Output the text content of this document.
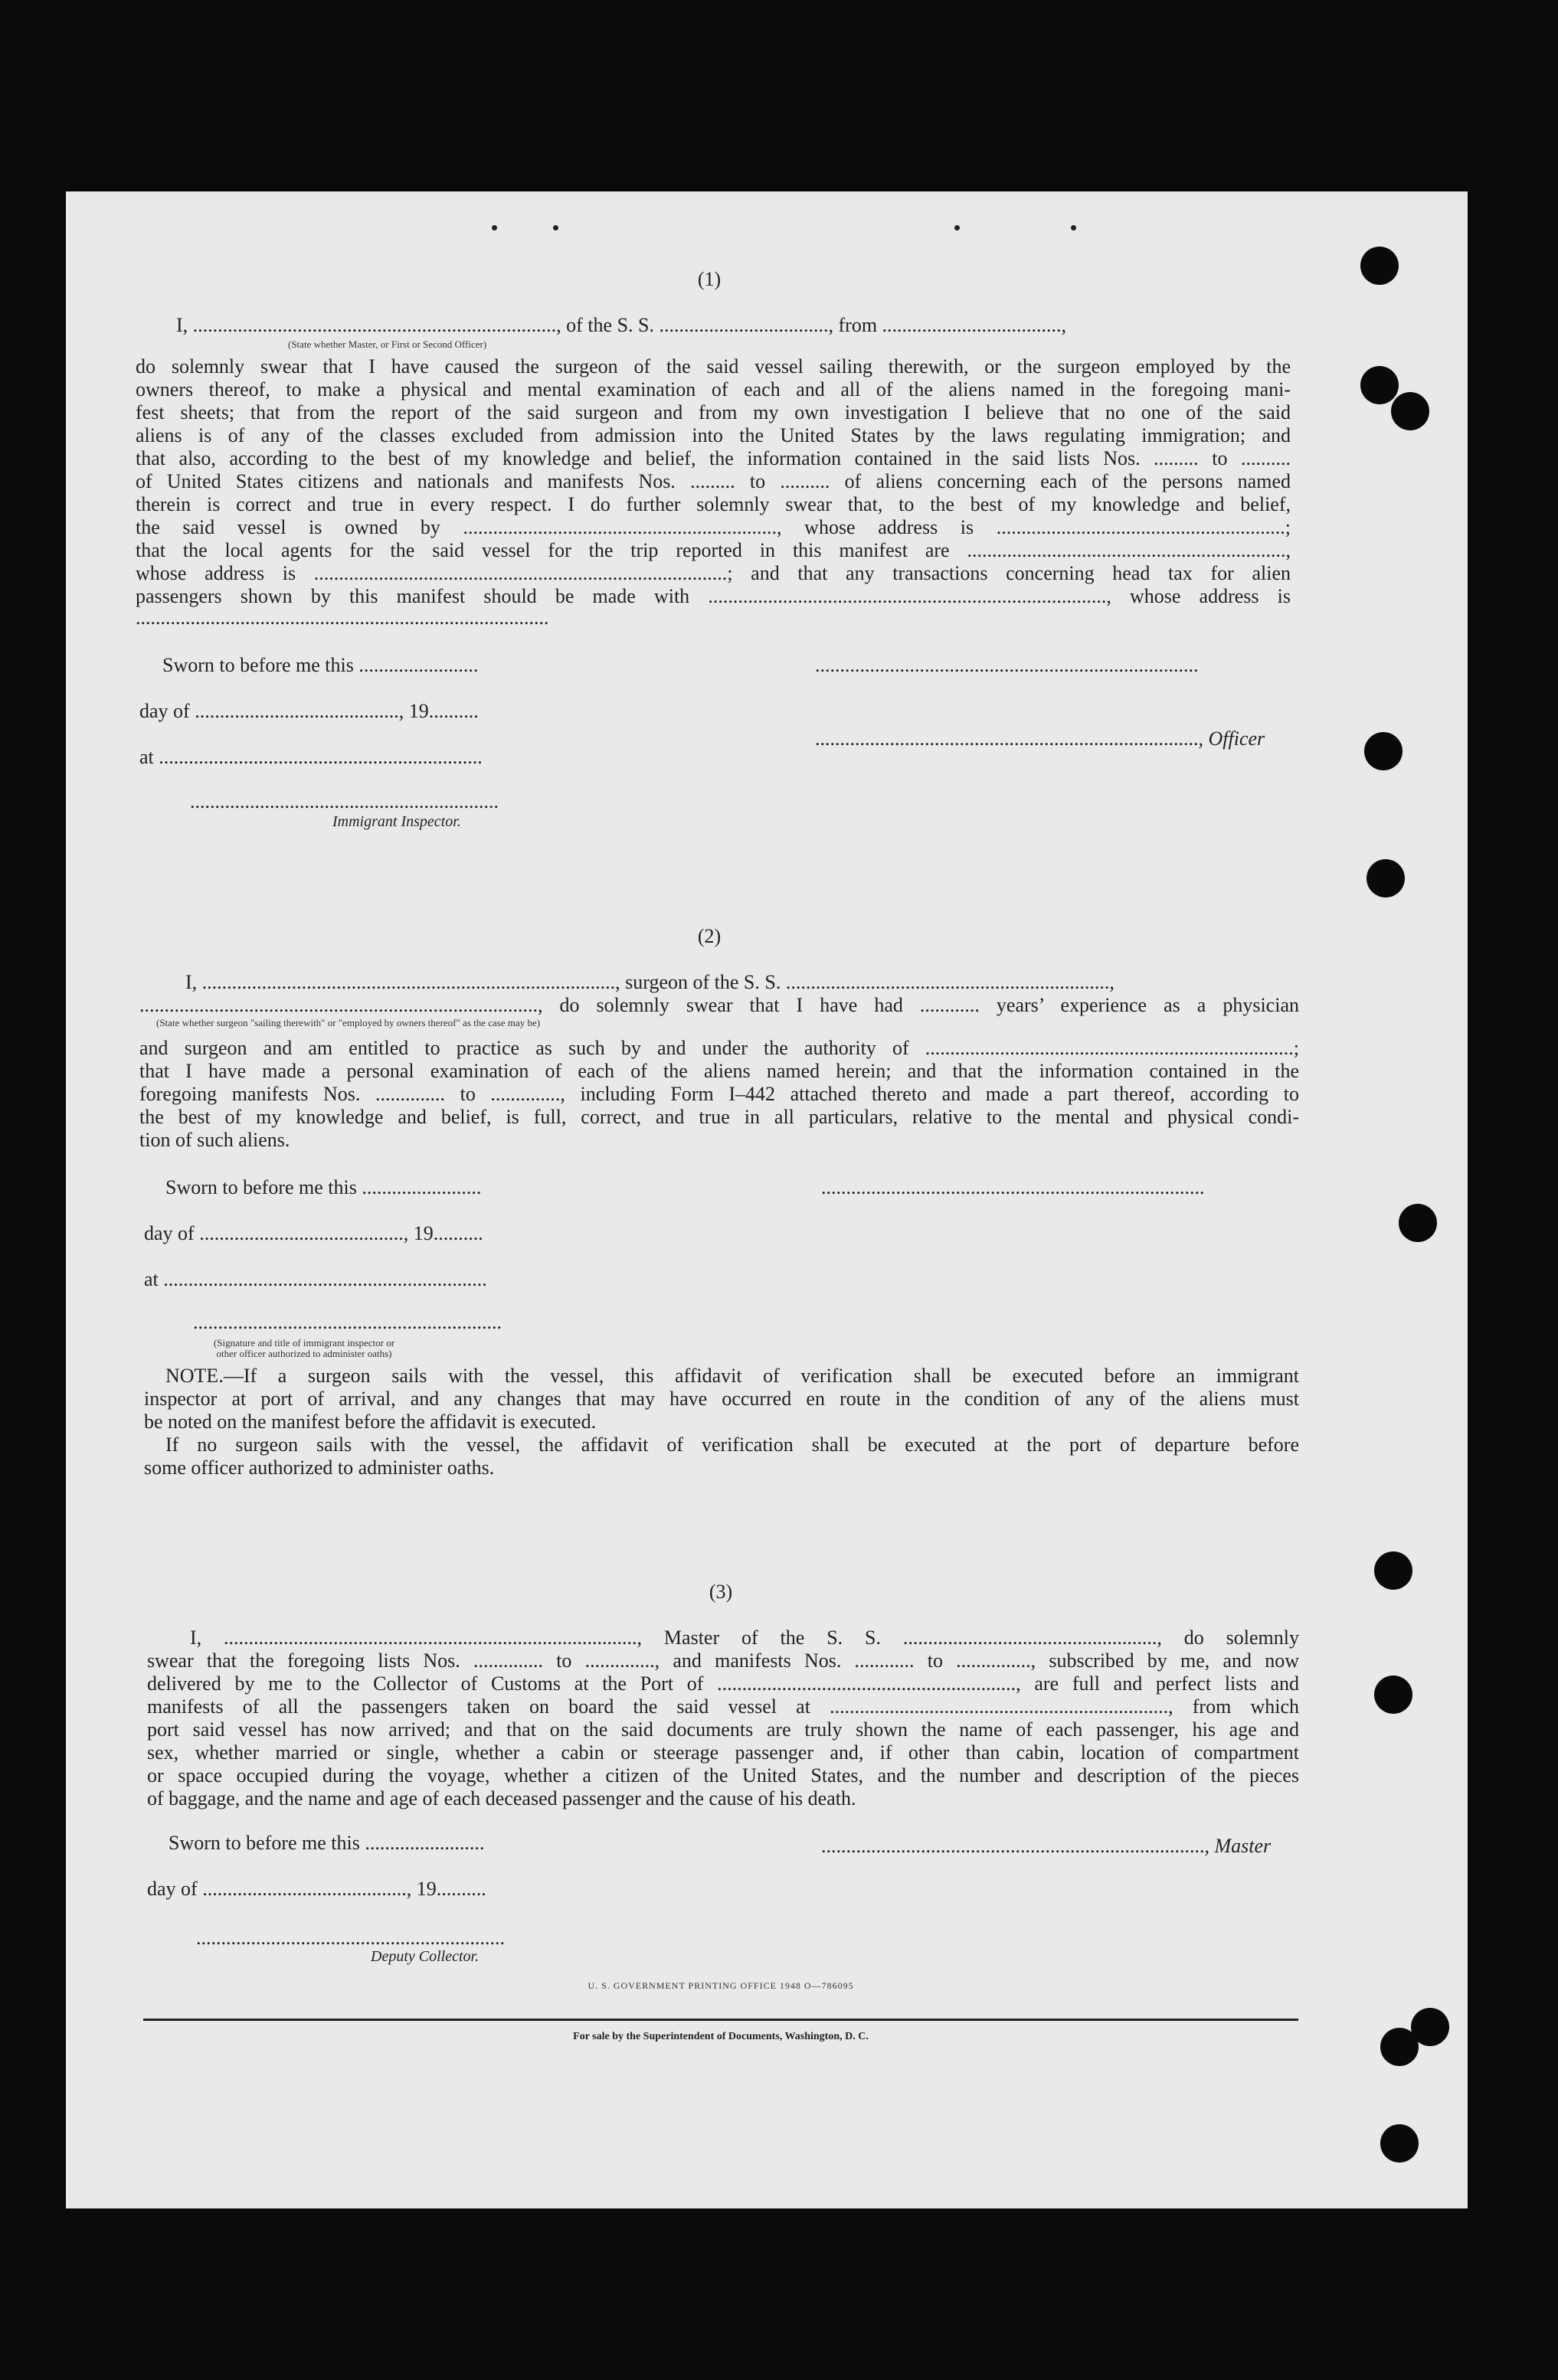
(1)
I, ........................................................................., of the S. S. .................................., from ....................................,
(State whether Master, or First or Second Officer)
do solemnly swear that I have caused the surgeon of the said vessel sailing therewith, or the surgeon employed by the
owners thereof, to make a physical and mental examination of each and all of the aliens named in the foregoing mani-
fest sheets; that from the report of the said surgeon and from my own investigation I believe that no one of the said
aliens is of any of the classes excluded from admission into the United States by the laws regulating immigration; and
that also, according to the best of my knowledge and belief, the information contained in the said lists Nos. ......... to ..........
of United States citizens and nationals and manifests Nos. ......... to .......... of aliens concerning each of the persons named
therein is correct and true in every respect. I do further solemnly swear that, to the best of my knowledge and belief,
the said vessel is owned by ..............................................................., whose address is ..........................................................;
that the local agents for the said vessel for the trip reported in this manifest are ................................................................,
whose address is ...................................................................................; and that any transactions concerning head tax for alien
passengers shown by this manifest should be made with ................................................................................, whose address is
...................................................................................
Sworn to before me this ........................
day of ........................................., 19..........
at .................................................................
.............................................................................
............................................................................., Officer
..............................................................
Immigrant Inspector.
(2)
I, ..................................................................................., surgeon of the S. S. .................................................................,
................................................................................, do solemnly swear that I have had ............ years’ experience as a physician
(State whether surgeon "sailing therewith" or "employed by owners thereof" as the case may be)
and surgeon and am entitled to practice as such by and under the authority of ..........................................................................;
that I have made a personal examination of each of the aliens named herein; and that the information contained in the
foregoing manifests Nos. .............. to .............., including Form I–442 attached thereto and made a part thereof, according to
the best of my knowledge and belief, is full, correct, and true in all particulars, relative to the mental and physical condi-
tion of such aliens.
Sworn to before me this ........................
day of ........................................., 19..........
at .................................................................
.............................................................................
..............................................................
(Signature and title of immigrant inspector or
other officer authorized to administer oaths)
NOTE.—If a surgeon sails with the vessel, this affidavit of verification shall be executed before an immigrant
inspector at port of arrival, and any changes that may have occurred en route in the condition of any of the aliens must
be noted on the manifest before the affidavit is executed.
If no surgeon sails with the vessel, the affidavit of verification shall be executed at the port of departure before
some officer authorized to administer oaths.
(3)
I, ..................................................................................., Master of the S. S. ..................................................., do solemnly
swear that the foregoing lists Nos. .............. to .............., and manifests Nos. ............ to ..............., subscribed by me, and now
delivered by me to the Collector of Customs at the Port of ............................................................, are full and perfect lists and
manifests of all the passengers taken on board the said vessel at ...................................................................., from which
port said vessel has now arrived; and that on the said documents are truly shown the name of each passenger, his age and
sex, whether married or single, whether a cabin or steerage passenger and, if other than cabin, location of compartment
or space occupied during the voyage, whether a citizen of the United States, and the number and description of the pieces
of baggage, and the name and age of each deceased passenger and the cause of his death.
Sworn to before me this ........................
day of ........................................., 19..........
............................................................................., Master
..............................................................
Deputy Collector.
U. S. GOVERNMENT PRINTING OFFICE 1948 O—786095
For sale by the Superintendent of Documents, Washington, D. C.
